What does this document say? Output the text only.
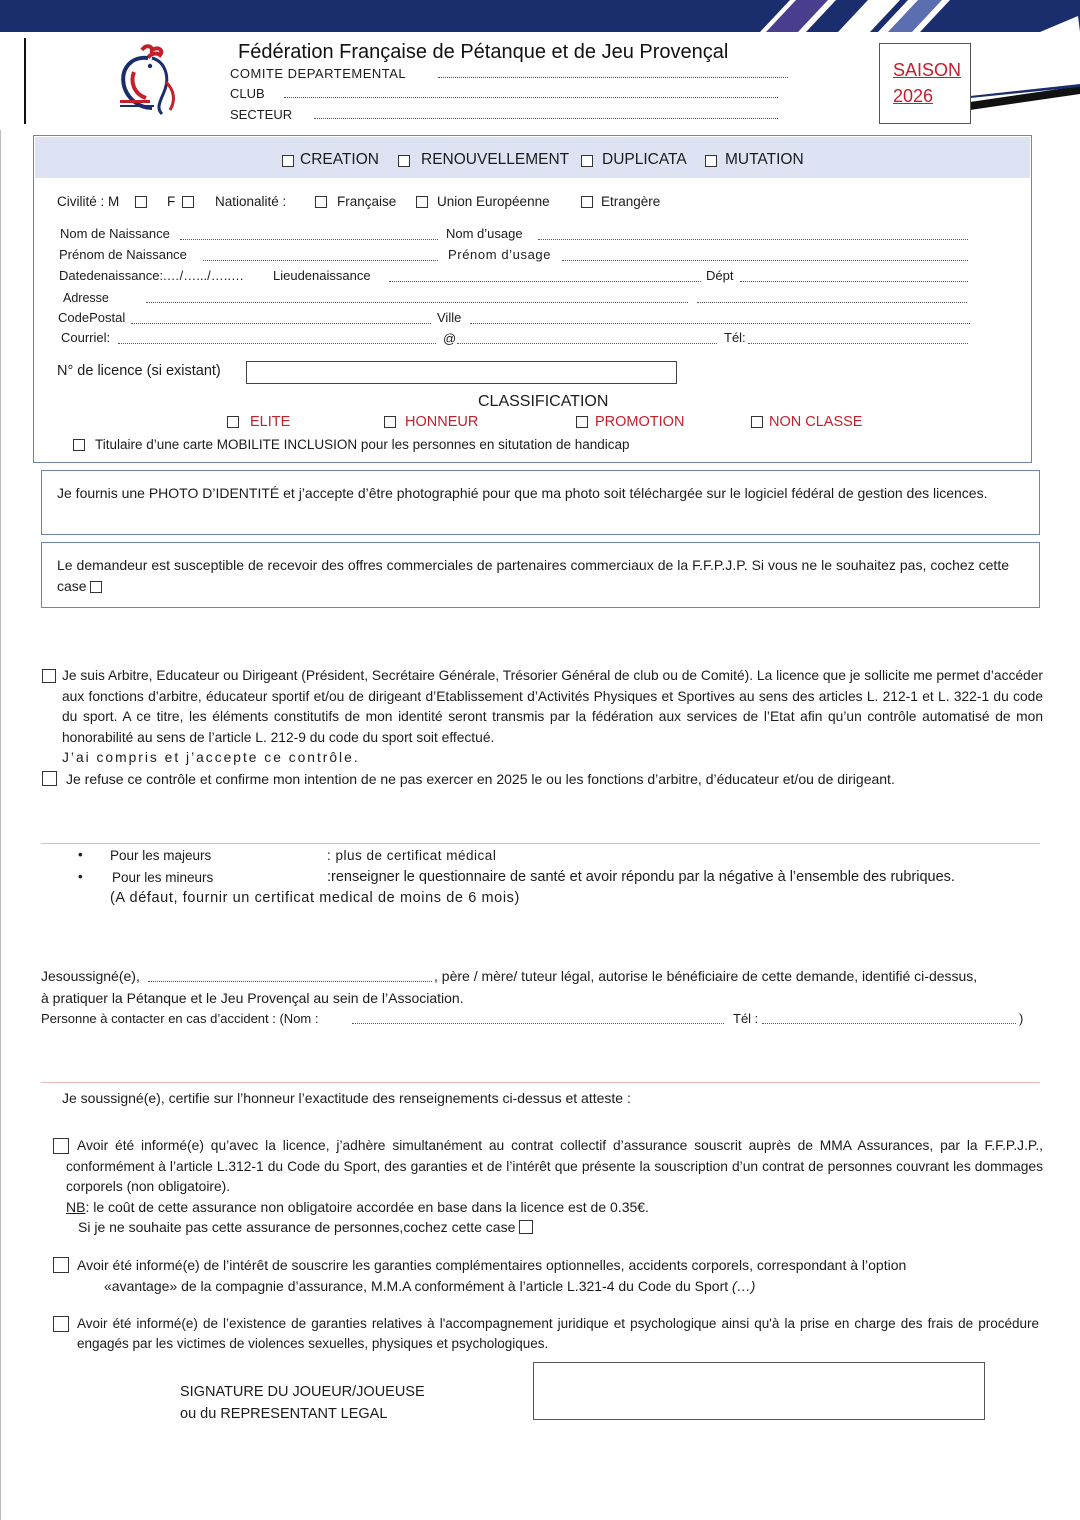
Fédération Française de Pétanque et de Jeu Provençal
COMITE DEPARTEMENTAL
CLUB
SECTEUR
SAISON
2026
CREATION	RENOUVELLEMENT DUPLICATA MUTATION
Civilité : M	F	Nationalité :	Française	Union Européenne	Etrangère
Nom de Naissance	Nom d’usage
Prénom de Naissance	Prénom d’usage
Datedenaissance:.…/….../…..… Lieudenaissance	Dépt
Adresse
CodePostal	Ville
Courriel:	@	Tél:
N° de licence (si existant)
CLASSIFICATION
ELITE	HONNEUR	PROMOTION	NON CLASSE
Titulaire d’une carte MOBILITE INCLUSION pour les personnes en situtation de handicap
Je fournis une PHOTO D’IDENTITÉ et j’accepte d’être photographié pour que ma photo soit téléchargée sur le logiciel fédéral de gestion des licences.
Le demandeur est susceptible de recevoir des offres commerciales de partenaires commerciaux de la F.F.P.J.P. Si vous ne le souhaitez pas, cochez cette case
Je suis Arbitre, Educateur ou Dirigeant (Président, Secrétaire Générale, Trésorier Général de club ou de Comité). La licence que je sollicite me permet d’accéder aux fonctions d’arbitre, éducateur sportif et/ou de dirigeant d’Etablissement d’Activités Physiques et Sportives au sens des articles L. 212-1 et L. 322-1 du code du sport. A ce titre, les éléments constitutifs de mon identité seront transmis par la fédération aux services de l’Etat afin qu’un contrôle automatisé de mon honorabilité au sens de l’article L. 212-9 du code du sport soit effectué.
J’ai compris et j’accepte ce contrôle.
Je refuse ce contrôle et confirme mon intention de ne pas exercer en 2025 le ou les fonctions d’arbitre, d’éducateur et/ou de dirigeant.
• Pour les majeurs	: plus de certificat médical
• Pour les mineurs	:renseigner le questionnaire de santé et avoir répondu par la négative à l’ensemble des rubriques.
(A défaut, fournir un certificat medical de moins de 6 mois)
Jesoussigné(e),	, père / mère/ tuteur légal, autorise le bénéficiaire de cette demande, identifié ci-dessus,
à pratiquer la Pétanque et le Jeu Provençal au sein de l’Association.
Personne à contacter en cas d’accident : (Nom :	Tél :	)
Je soussigné(e), certifie sur l’honneur l’exactitude des renseignements ci-dessus et atteste :
Avoir été informé(e) qu’avec la licence, j’adhère simultanément au contrat collectif d’assurance souscrit auprès de MMA Assurances, par la F.F.P.J.P., conformément à l’article L.312-1 du Code du Sport, des garanties et de l’intérêt que présente la souscription d’un contrat de personnes couvrant les dommages corporels (non obligatoire).
NB: le coût de cette assurance non obligatoire accordée en base dans la licence est de 0.35€.
Si je ne souhaite pas cette assurance de personnes,cochez cette case
Avoir été informé(e) de l’intérêt de souscrire les garanties complémentaires optionnelles, accidents corporels, correspondant à l’option
«avantage» de la compagnie d’assurance, M.M.A conformément à l’article L.321-4 du Code du Sport (…)
Avoir été informé(e) de l’existence de garanties relatives à l'accompagnement juridique et psychologique ainsi qu'à la prise en charge des frais de procédure engagés par les victimes de violences sexuelles, physiques et psychologiques.
SIGNATURE DU JOUEUR/JOUEUSE
ou du REPRESENTANT LEGAL
